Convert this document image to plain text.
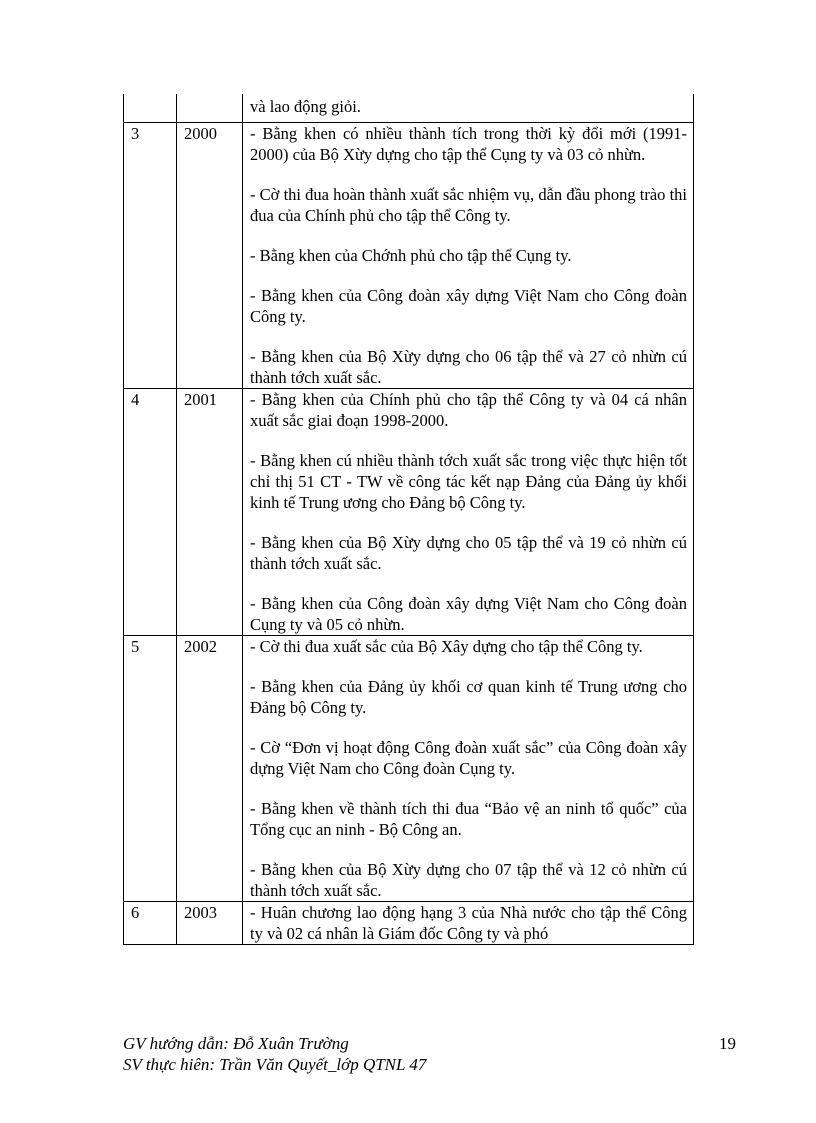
		và lao động giỏi.

3	2000	- Bằng khen có nhiều thành tích trong thời kỳ đổi mới (1991-2000) của Bộ Xừy dựng cho tập thể Cụng ty và 03 cỏ nhừn.

- Cờ thi đua hoàn thành xuất sắc nhiệm vụ, dẫn đầu phong trào thi đua của Chính phủ cho tập thể Công ty.

- Bằng khen của Chớnh phủ cho tập thể Cụng ty.

- Bằng khen của Công đoàn xây dựng Việt Nam cho Công đoàn Công ty.

- Bằng khen của Bộ Xừy dựng cho 06 tập thể và 27 cỏ nhừn cú thành tớch xuất sắc.

4	2001	- Bằng khen của Chính phủ cho tập thể Công ty và 04 cá nhân xuất sắc giai đoạn 1998-2000.

- Bằng khen cú nhiều thành tớch xuất sắc trong việc thực hiện tốt chỉ thị 51 CT - TW về công tác kết nạp Đảng của Đảng ủy khối kinh tế Trung ương cho Đảng bộ Công ty.

- Bằng khen của Bộ Xừy dựng cho 05 tập thể và 19 cỏ nhừn cú thành tớch xuất sắc.

- Bằng khen của Công đoàn xây dựng Việt Nam cho Công đoàn Cụng ty và 05 cỏ nhừn.

5	2002	- Cờ thi đua xuất sắc của Bộ Xây dựng cho tập thể Công ty.

- Bằng khen của Đảng ủy khối cơ quan kinh tế Trung ương cho Đảng bộ Công ty.

- Cờ “Đơn vị hoạt động Công đoàn xuất sắc” của Công đoàn xây dựng Việt Nam cho Công đoàn Cụng ty.

- Bằng khen về thành tích thi đua “Bảo vệ an ninh tổ quốc” của Tổng cục an ninh - Bộ Công an.

- Bằng khen của Bộ Xừy dựng cho 07 tập thể và 12 cỏ nhừn cú thành tớch xuất sắc.

6	2003	- Huân chương lao động hạng 3 của Nhà nước cho tập thể Công ty và 02 cá nhân là Giám đốc Công ty và phó

GV hướng dẫn: Đỗ Xuân Trường
SV thực hiên: Trần Văn Quyết_lớp QTNL 47
19
